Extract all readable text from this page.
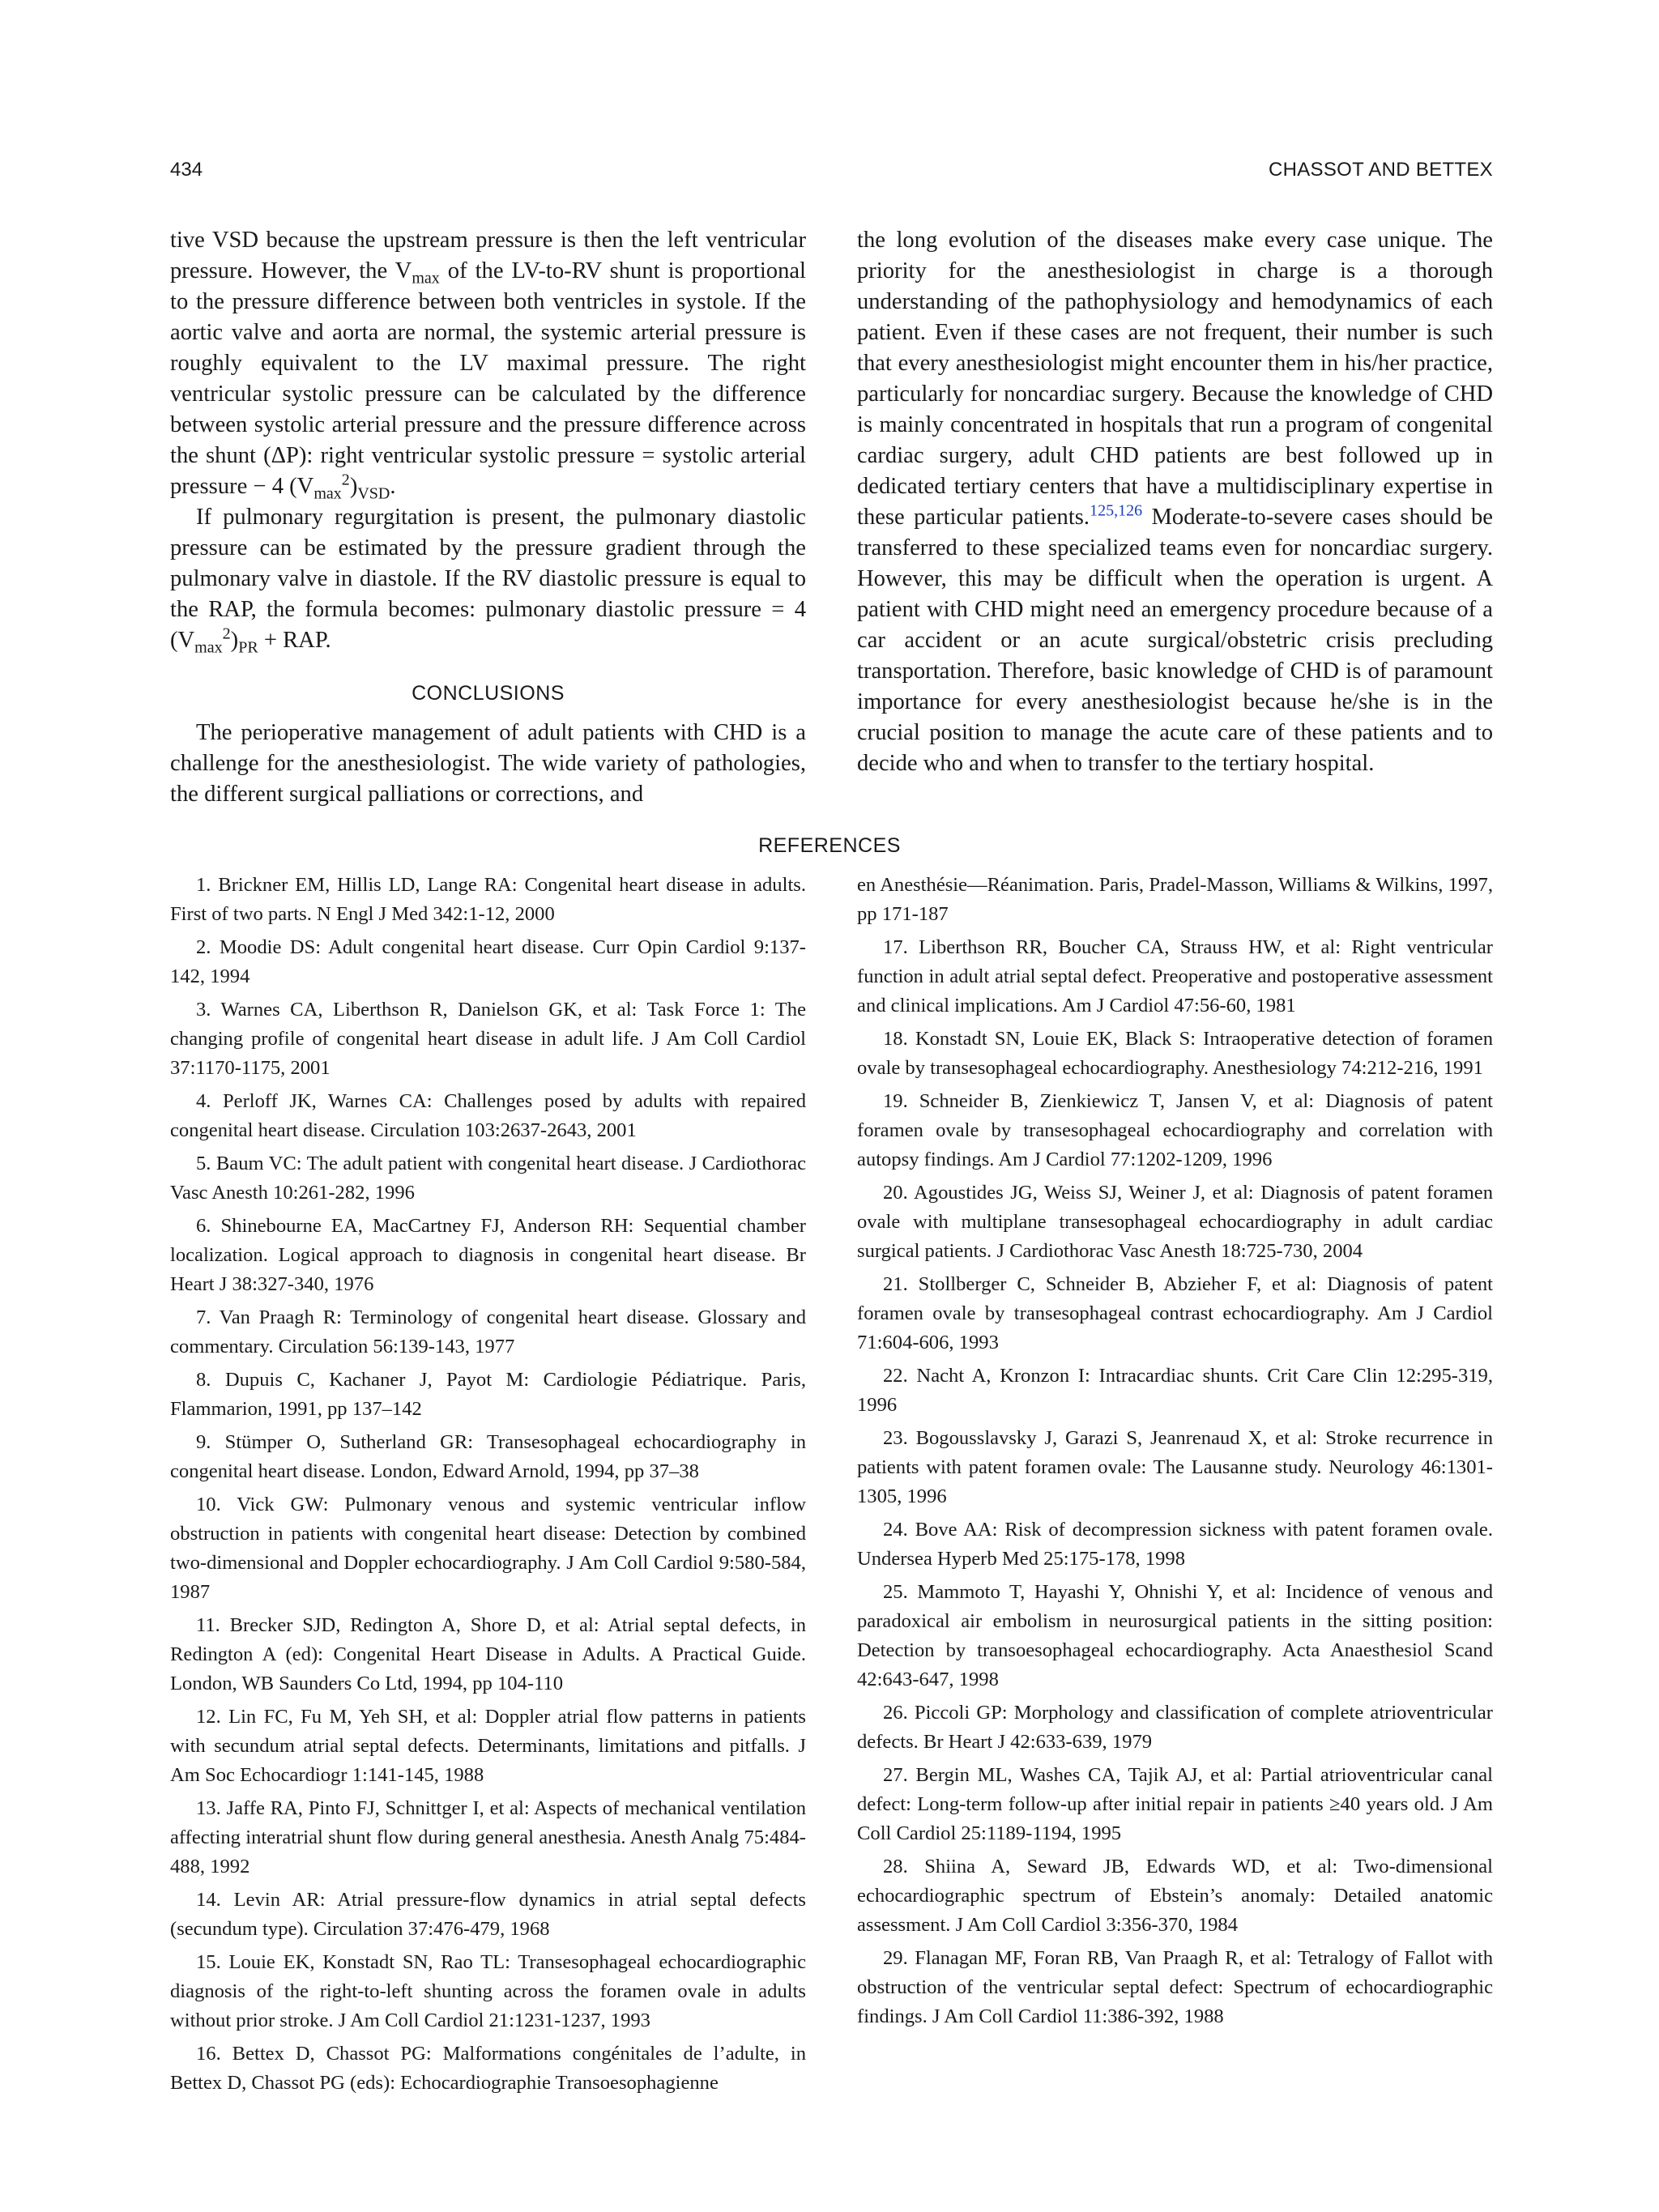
434	CHASSOT AND BETTEX

tive VSD because the upstream pressure is then the left ventricular pressure. However, the $V_{max}$ of the LV-to-RV shunt is proportional to the pressure difference between both ventricles in systole. If the aortic valve and aorta are normal, the systemic arterial pressure is roughly equivalent to the LV maximal pressure. The right ventricular systolic pressure can be calculated by the difference between systolic arterial pressure and the pressure difference across the shunt (ΔP): right ventricular systolic pressure = systolic arterial pressure − 4 $(V_{max}^2)_{VSD}$.

If pulmonary regurgitation is present, the pulmonary diastolic pressure can be estimated by the pressure gradient through the pulmonary valve in diastole. If the RV diastolic pressure is equal to the RAP, the formula becomes: pulmonary diastolic pressure = 4 $(V_{max}^2)_{PR}$ + RAP.

CONCLUSIONS

The perioperative management of adult patients with CHD is a challenge for the anesthesiologist. The wide variety of pathologies, the different surgical palliations or corrections, and

the long evolution of the diseases make every case unique. The priority for the anesthesiologist in charge is a thorough understanding of the pathophysiology and hemodynamics of each patient. Even if these cases are not frequent, their number is such that every anesthesiologist might encounter them in his/her practice, particularly for noncardiac surgery. Because the knowledge of CHD is mainly concentrated in hospitals that run a program of congenital cardiac surgery, adult CHD patients are best followed up in dedicated tertiary centers that have a multidisciplinary expertise in these particular patients.$^{125,126}$ Moderate-to-severe cases should be transferred to these specialized teams even for noncardiac surgery. However, this may be difficult when the operation is urgent. A patient with CHD might need an emergency procedure because of a car accident or an acute surgical/obstetric crisis precluding transportation. Therefore, basic knowledge of CHD is of paramount importance for every anesthesiologist because he/she is in the crucial position to manage the acute care of these patients and to decide who and when to transfer to the tertiary hospital.

REFERENCES

1. Brickner EM, Hillis LD, Lange RA: Congenital heart disease in adults. First of two parts. N Engl J Med 342:1-12, 2000

2. Moodie DS: Adult congenital heart disease. Curr Opin Cardiol 9:137-142, 1994

3. Warnes CA, Liberthson R, Danielson GK, et al: Task Force 1: The changing profile of congenital heart disease in adult life. J Am Coll Cardiol 37:1170-1175, 2001

4. Perloff JK, Warnes CA: Challenges posed by adults with repaired congenital heart disease. Circulation 103:2637-2643, 2001

5. Baum VC: The adult patient with congenital heart disease. J Cardiothorac Vasc Anesth 10:261-282, 1996

6. Shinebourne EA, MacCartney FJ, Anderson RH: Sequential chamber localization. Logical approach to diagnosis in congenital heart disease. Br Heart J 38:327-340, 1976

7. Van Praagh R: Terminology of congenital heart disease. Glossary and commentary. Circulation 56:139-143, 1977

8. Dupuis C, Kachaner J, Payot M: Cardiologie Pédiatrique. Paris, Flammarion, 1991, pp 137–142

9. Stümper O, Sutherland GR: Transesophageal echocardiography in congenital heart disease. London, Edward Arnold, 1994, pp 37–38

10. Vick GW: Pulmonary venous and systemic ventricular inflow obstruction in patients with congenital heart disease: Detection by combined two-dimensional and Doppler echocardiography. J Am Coll Cardiol 9:580-584, 1987

11. Brecker SJD, Redington A, Shore D, et al: Atrial septal defects, in Redington A (ed): Congenital Heart Disease in Adults. A Practical Guide. London, WB Saunders Co Ltd, 1994, pp 104-110

12. Lin FC, Fu M, Yeh SH, et al: Doppler atrial flow patterns in patients with secundum atrial septal defects. Determinants, limitations and pitfalls. J Am Soc Echocardiogr 1:141-145, 1988

13. Jaffe RA, Pinto FJ, Schnittger I, et al: Aspects of mechanical ventilation affecting interatrial shunt flow during general anesthesia. Anesth Analg 75:484-488, 1992

14. Levin AR: Atrial pressure-flow dynamics in atrial septal defects (secundum type). Circulation 37:476-479, 1968

15. Louie EK, Konstadt SN, Rao TL: Transesophageal echocardiographic diagnosis of the right-to-left shunting across the foramen ovale in adults without prior stroke. J Am Coll Cardiol 21:1231-1237, 1993

16. Bettex D, Chassot PG: Malformations congénitales de l’adulte, in Bettex D, Chassot PG (eds): Echocardiographie Transoesophagienne

en Anesthésie—Réanimation. Paris, Pradel-Masson, Williams & Wilkins, 1997, pp 171-187

17. Liberthson RR, Boucher CA, Strauss HW, et al: Right ventricular function in adult atrial septal defect. Preoperative and postoperative assessment and clinical implications. Am J Cardiol 47:56-60, 1981

18. Konstadt SN, Louie EK, Black S: Intraoperative detection of foramen ovale by transesophageal echocardiography. Anesthesiology 74:212-216, 1991

19. Schneider B, Zienkiewicz T, Jansen V, et al: Diagnosis of patent foramen ovale by transesophageal echocardiography and correlation with autopsy findings. Am J Cardiol 77:1202-1209, 1996

20. Agoustides JG, Weiss SJ, Weiner J, et al: Diagnosis of patent foramen ovale with multiplane transesophageal echocardiography in adult cardiac surgical patients. J Cardiothorac Vasc Anesth 18:725-730, 2004

21. Stollberger C, Schneider B, Abzieher F, et al: Diagnosis of patent foramen ovale by transesophageal contrast echocardiography. Am J Cardiol 71:604-606, 1993

22. Nacht A, Kronzon I: Intracardiac shunts. Crit Care Clin 12:295-319, 1996

23. Bogousslavsky J, Garazi S, Jeanrenaud X, et al: Stroke recurrence in patients with patent foramen ovale: The Lausanne study. Neurology 46:1301-1305, 1996

24. Bove AA: Risk of decompression sickness with patent foramen ovale. Undersea Hyperb Med 25:175-178, 1998

25. Mammoto T, Hayashi Y, Ohnishi Y, et al: Incidence of venous and paradoxical air embolism in neurosurgical patients in the sitting position: Detection by transoesophageal echocardiography. Acta Anaesthesiol Scand 42:643-647, 1998

26. Piccoli GP: Morphology and classification of complete atrioventricular defects. Br Heart J 42:633-639, 1979

27. Bergin ML, Washes CA, Tajik AJ, et al: Partial atrioventricular canal defect: Long-term follow-up after initial repair in patients ≥40 years old. J Am Coll Cardiol 25:1189-1194, 1995

28. Shiina A, Seward JB, Edwards WD, et al: Two-dimensional echocardiographic spectrum of Ebstein’s anomaly: Detailed anatomic assessment. J Am Coll Cardiol 3:356-370, 1984

29. Flanagan MF, Foran RB, Van Praagh R, et al: Tetralogy of Fallot with obstruction of the ventricular septal defect: Spectrum of echocardiographic findings. J Am Coll Cardiol 11:386-392, 1988
